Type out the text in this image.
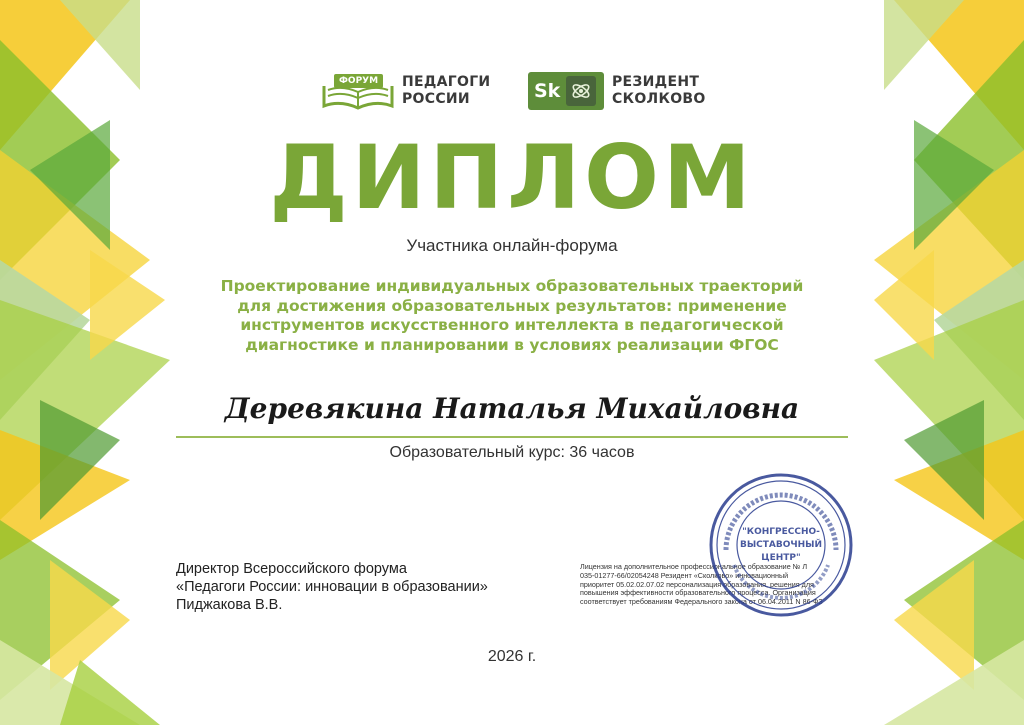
ФОРУМ	ПЕДАГОГИ
РОССИИ	Sk	РЕЗИДЕНТ
СКОЛКОВО
ДИПЛОМ
Участника онлайн-форума
Проектирование индивидуальных образовательных траекторий
для достижения образовательных результатов: применение
инструментов искусственного интеллекта в педагогической
диагностике и планировании в условиях реализации ФГОС
Деревякина Наталья Михайловна
Образовательный курс: 36 часов
Директор Всероссийского форума
«Педагоги России: инновации в образовании»
Пиджакова В.В.
Лицензия на дополнительное профессиональное образование № Л
035-01277-66/02054248 Резидент «Сколково» инновационный
приоритет 05.02.02.07.02 персонализация образования, решения для
повышения эффективности образовательного процесса. Организация
соответствует требованиям Федерального закона от 06.04.2011 N 86-ФЗ
"КОНГРЕССНО-
ВЫСТАВОЧНЫЙ
ЦЕНТР"
2026 г.
